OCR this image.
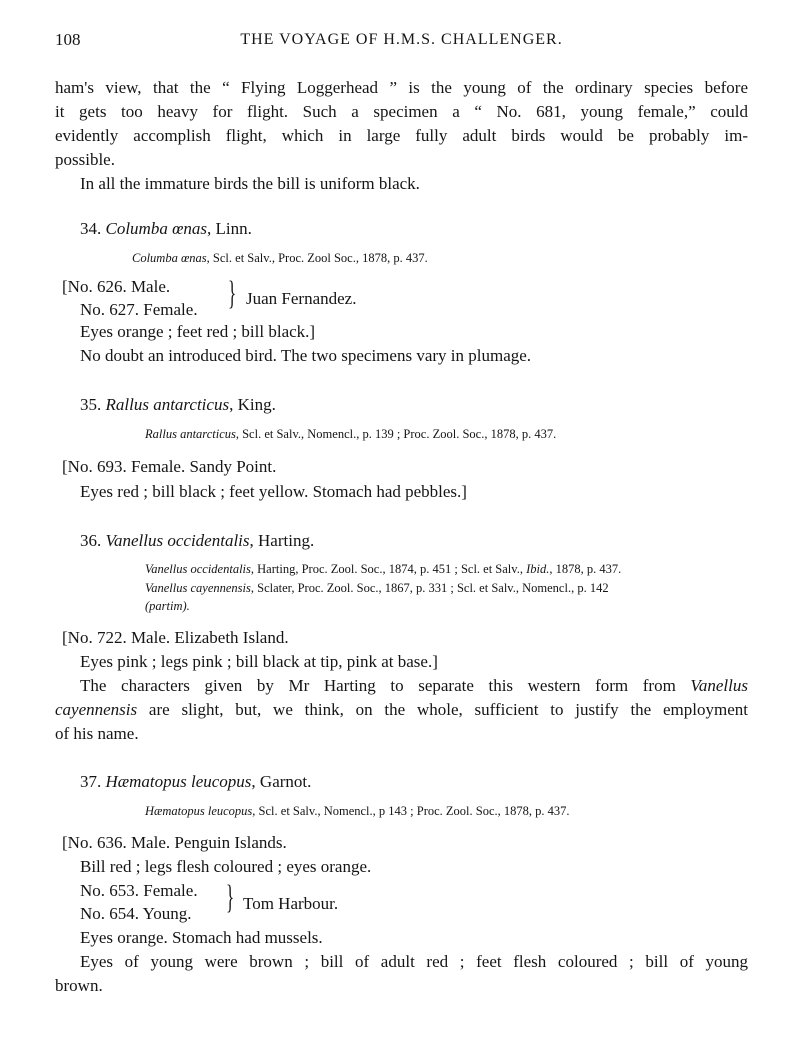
108	THE VOYAGE OF H.M.S. CHALLENGER.
ham's view, that the “ Flying Loggerhead ” is the young of the ordinary species before
it gets too heavy for flight. Such a specimen a “ No. 681, young female,” could
evidently accomplish flight, which in large fully adult birds would be probably im-
possible.
In all the immature birds the bill is uniform black.
34. Columba œnas, Linn.
Columba œnas, Scl. et Salv., Proc. Zool Soc., 1878, p. 437.
[No. 626. Male.
No. 627. Female. } Juan Fernandez.
Eyes orange ; feet red ; bill black.]
No doubt an introduced bird. The two specimens vary in plumage.
35. Rallus antarcticus, King.
Rallus antarcticus, Scl. et Salv., Nomencl., p. 139 ; Proc. Zool. Soc., 1878, p. 437.
[No. 693. Female. Sandy Point.
Eyes red ; bill black ; feet yellow. Stomach had pebbles.]
36. Vanellus occidentalis, Harting.
Vanellus occidentalis, Harting, Proc. Zool. Soc., 1874, p. 451 ; Scl. et Salv., Ibid., 1878, p. 437.
Vanellus cayennensis, Sclater, Proc. Zool. Soc., 1867, p. 331 ; Scl. et Salv., Nomencl., p. 142
(partim).
[No. 722. Male. Elizabeth Island.
Eyes pink ; legs pink ; bill black at tip, pink at base.]
The characters given by Mr Harting to separate this western form from Vanellus
cayennensis are slight, but, we think, on the whole, sufficient to justify the employment
of his name.
37. Hæmatopus leucopus, Garnot.
Hæmatopus leucopus, Scl. et Salv., Nomencl., p 143 ; Proc. Zool. Soc., 1878, p. 437.
[No. 636. Male. Penguin Islands.
Bill red ; legs flesh coloured ; eyes orange.
No. 653. Female.
No. 654. Young. } Tom Harbour.
Eyes orange. Stomach had mussels.
Eyes of young were brown ; bill of adult red ; feet flesh coloured ; bill of young
brown.
